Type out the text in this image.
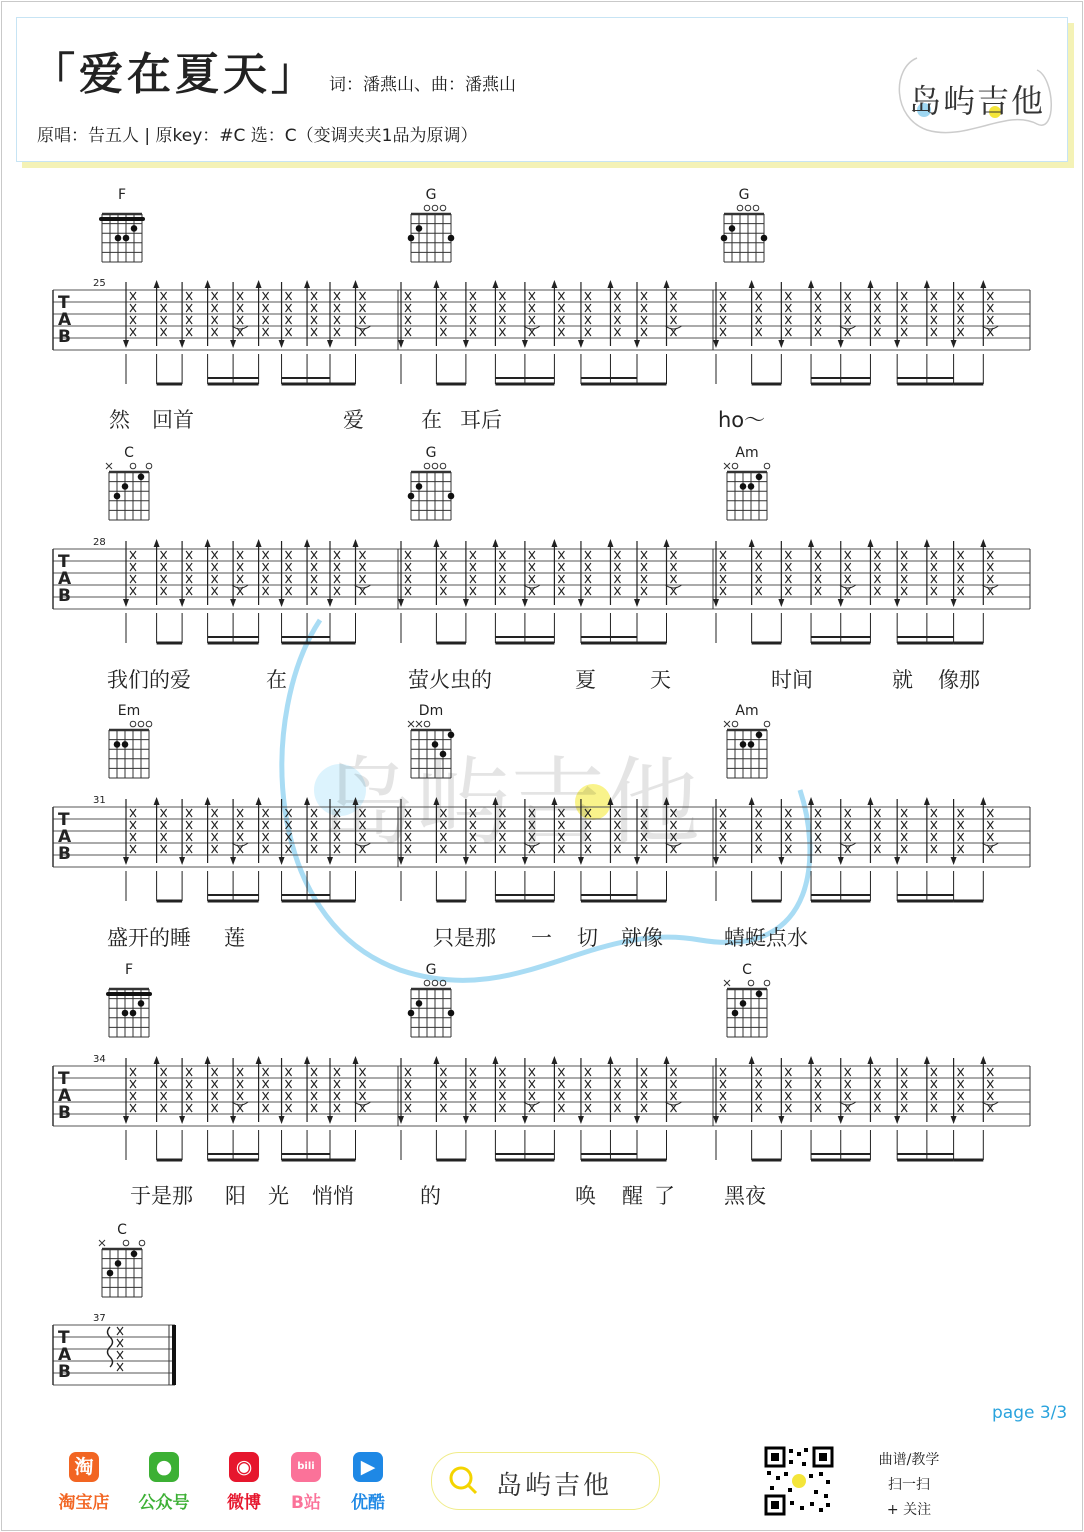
「爱在夏天」 词：潘燕山、曲：潘燕山
原唱：告五人 | 原key：#C 选：C（变调夹夹1品为原调）
岛屿吉他
岛屿吉他
T
A
B
25
F	G	G
然 回首	爱	在 耳后	ho～
T
A
B
28
C	G	Am
我们的爱	在	萤火虫的	夏	天	时间	就 像那
T
A
B
31
Em	Dm	Am
盛开的睡 莲	只是那 一 切 就像	蜻蜓点水
T
A
B
34
F	G	C
于是那 阳 光 悄悄	的	唤 醒 了 黑夜
T
A
B
37
C
page 3/3
淘
淘宝店
●
公众号
◉
微博
bili
B站
▶
优酷
岛屿吉他
曲谱/教学
扫一扫
+ 关注
